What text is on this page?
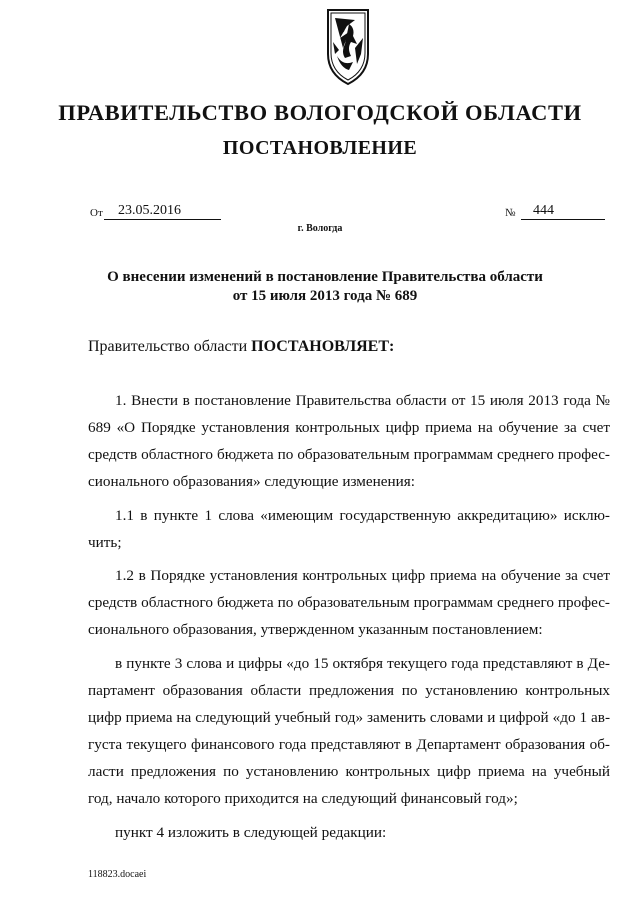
ПРАВИТЕЛЬСТВО ВОЛОГОДСКОЙ ОБЛАСТИ
ПОСТАНОВЛЕНИЕ
От	23.05.2016	№	444
г. Вологда
О внесении изменений в постановление Правительства области
от 15 июля 2013 года № 689
Правительство области ПОСТАНОВЛЯЕТ:

1. Внести в постановление Правительства области от 15 июля 2013 года № 689 «О Порядке установления контрольных цифр приема на обучение за счет средств областного бюджета по образовательным программам среднего профес-сионального образования» следующие изменения:

1.1 в пункте 1 слова «имеющим государственную аккредитацию» исклю-чить;

1.2 в Порядке установления контрольных цифр приема на обучение за счет средств областного бюджета по образовательным программам среднего профес-сионального образования, утвержденном указанным постановлением:

в пункте 3 слова и цифры «до 15 октября текущего года представляют в Де-партамент образования области предложения по установлению контрольных цифр приема на следующий учебный год» заменить словами и цифрой «до 1 ав-густа текущего финансового года представляют в Департамент образования об-ласти предложения по установлению контрольных цифр приема на учебный год, начало которого приходится на следующий финансовый год»;

пункт 4 изложить в следующей редакции:

118823.docaei
